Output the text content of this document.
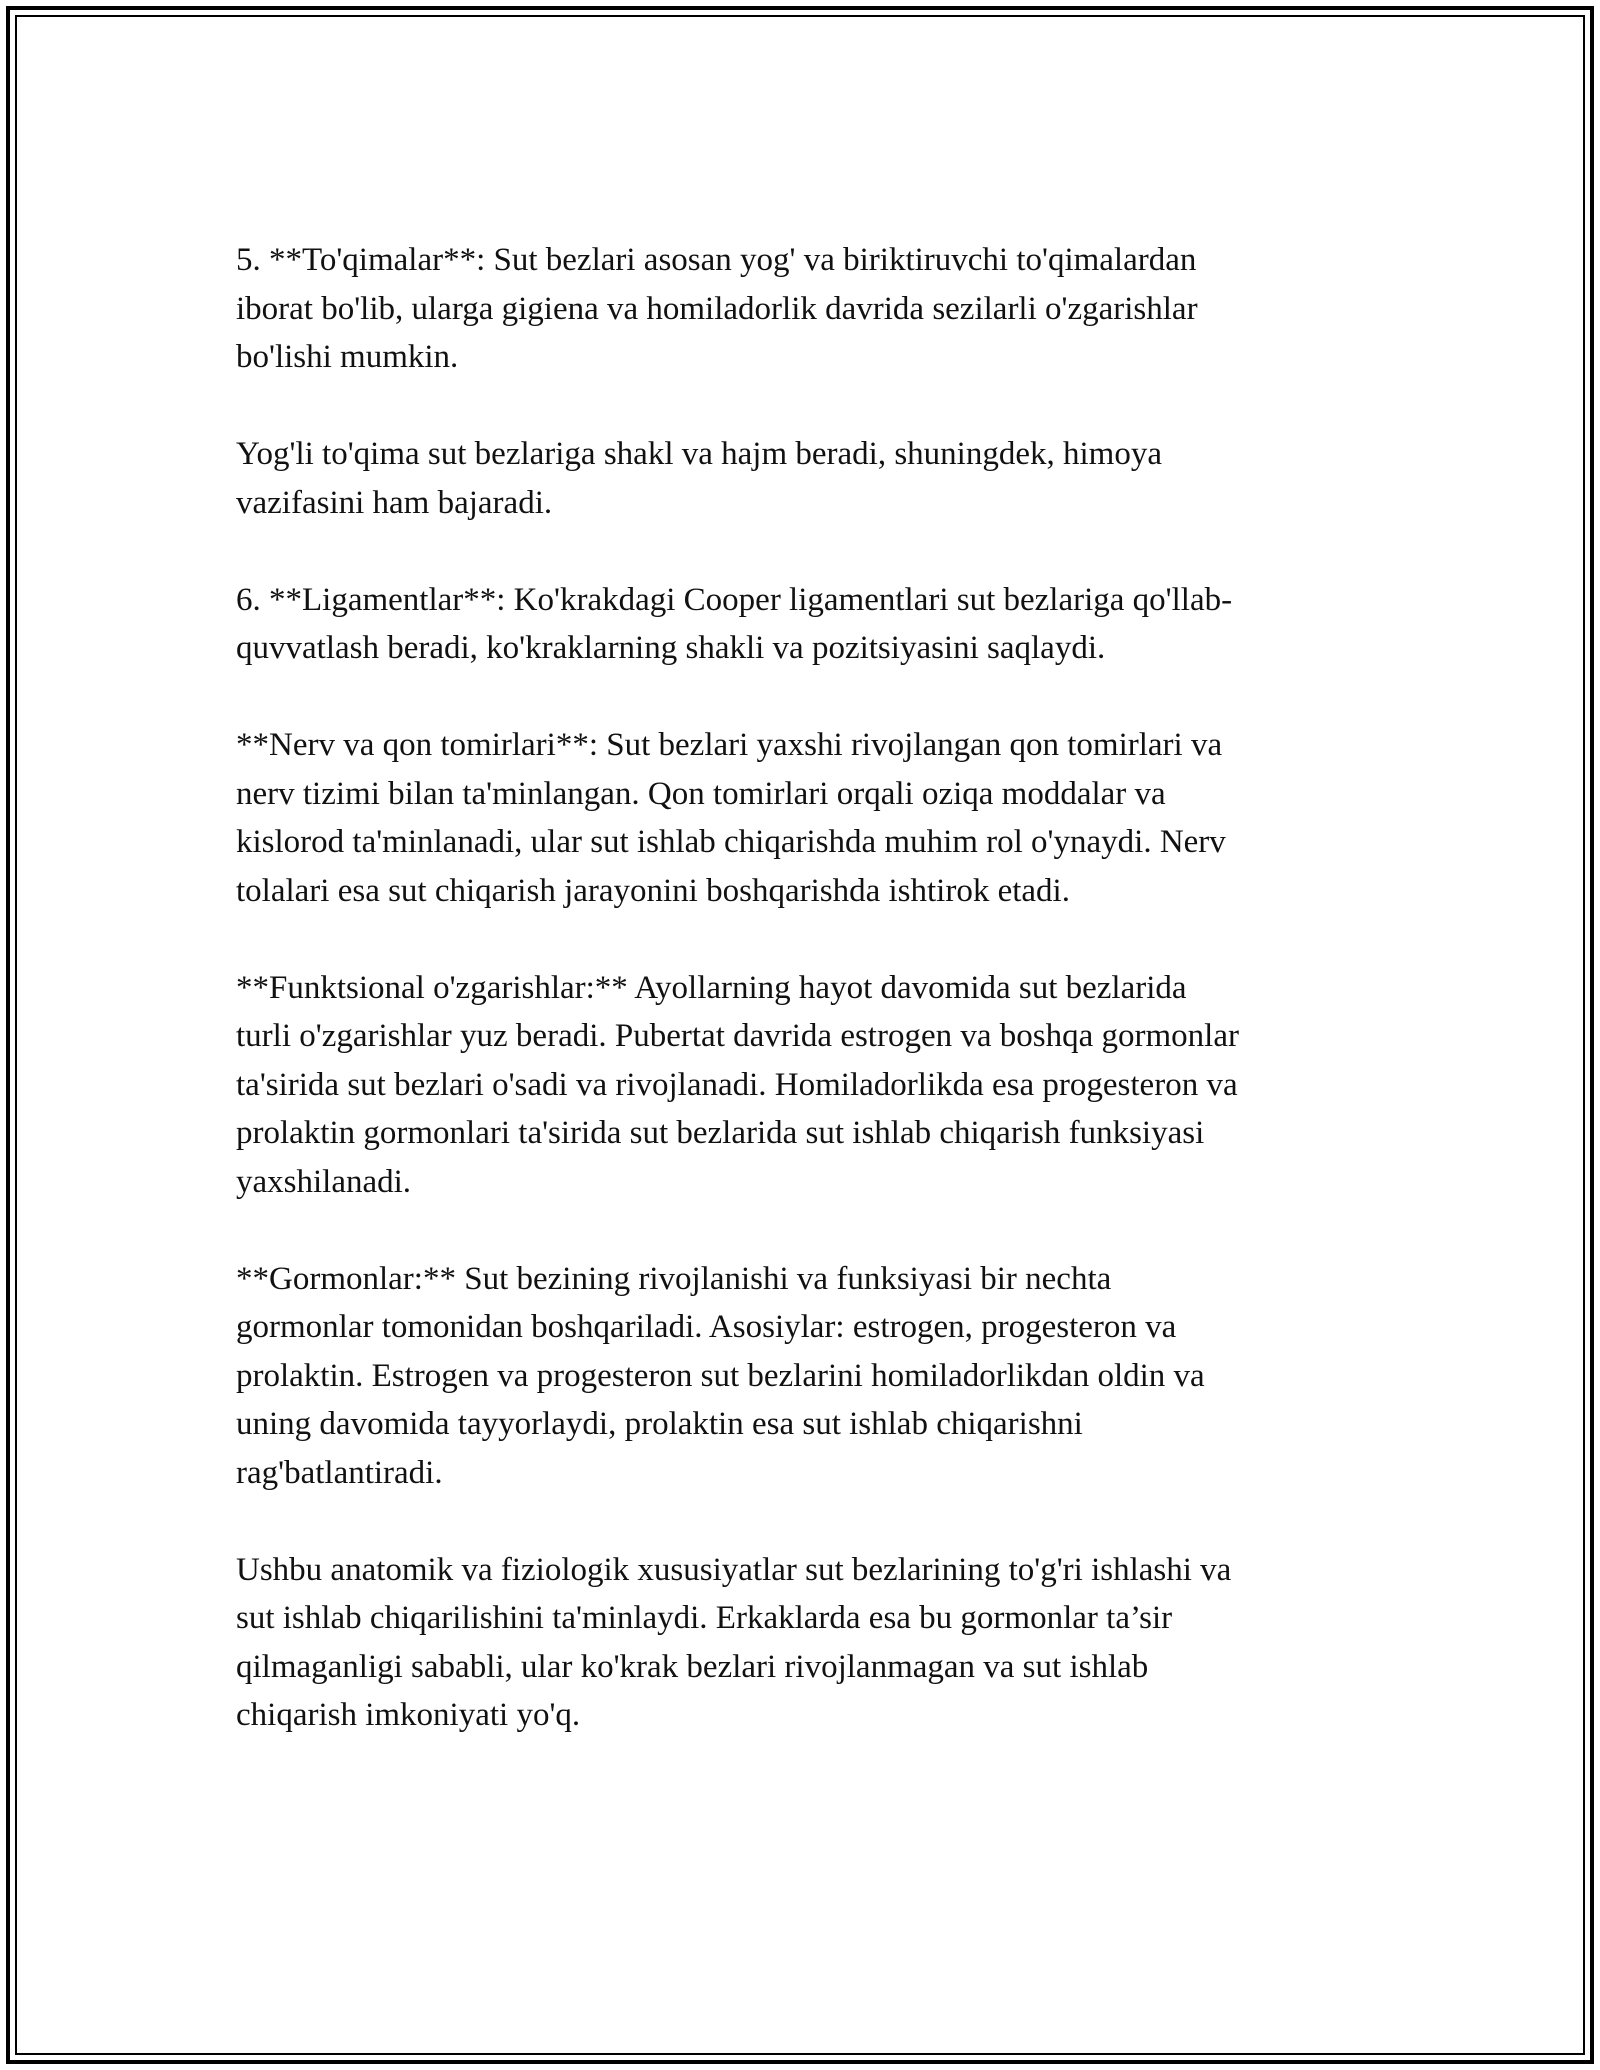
5. **To'qimalar**: Sut bezlari asosan yog' va biriktiruvchi to'qimalardan
iborat bo'lib, ularga gigiena va homiladorlik davrida sezilarli o'zgarishlar
bo'lishi mumkin.

Yog'li to'qima sut bezlariga shakl va hajm beradi, shuningdek, himoya
vazifasini ham bajaradi.

6. **Ligamentlar**: Ko'krakdagi Cooper ligamentlari sut bezlariga qo'llab-
quvvatlash beradi, ko'kraklarning shakli va pozitsiyasini saqlaydi.

**Nerv va qon tomirlari**: Sut bezlari yaxshi rivojlangan qon tomirlari va
nerv tizimi bilan ta'minlangan. Qon tomirlari orqali oziqa moddalar va
kislorod ta'minlanadi, ular sut ishlab chiqarishda muhim rol o'ynaydi. Nerv
tolalari esa sut chiqarish jarayonini boshqarishda ishtirok etadi.

**Funktsional o'zgarishlar:** Ayollarning hayot davomida sut bezlarida
turli o'zgarishlar yuz beradi. Pubertat davrida estrogen va boshqa gormonlar
ta'sirida sut bezlari o'sadi va rivojlanadi. Homiladorlikda esa progesteron va
prolaktin gormonlari ta'sirida sut bezlarida sut ishlab chiqarish funksiyasi
yaxshilanadi.

**Gormonlar:** Sut bezining rivojlanishi va funksiyasi bir nechta
gormonlar tomonidan boshqariladi. Asosiylar: estrogen, progesteron va
prolaktin. Estrogen va progesteron sut bezlarini homiladorlikdan oldin va
uning davomida tayyorlaydi, prolaktin esa sut ishlab chiqarishni
rag'batlantiradi.

Ushbu anatomik va fiziologik xususiyatlar sut bezlarining to'g'ri ishlashi va
sut ishlab chiqarilishini ta'minlaydi. Erkaklarda esa bu gormonlar ta’sir
qilmaganligi sababli, ular ko'krak bezlari rivojlanmagan va sut ishlab
chiqarish imkoniyati yo'q.
